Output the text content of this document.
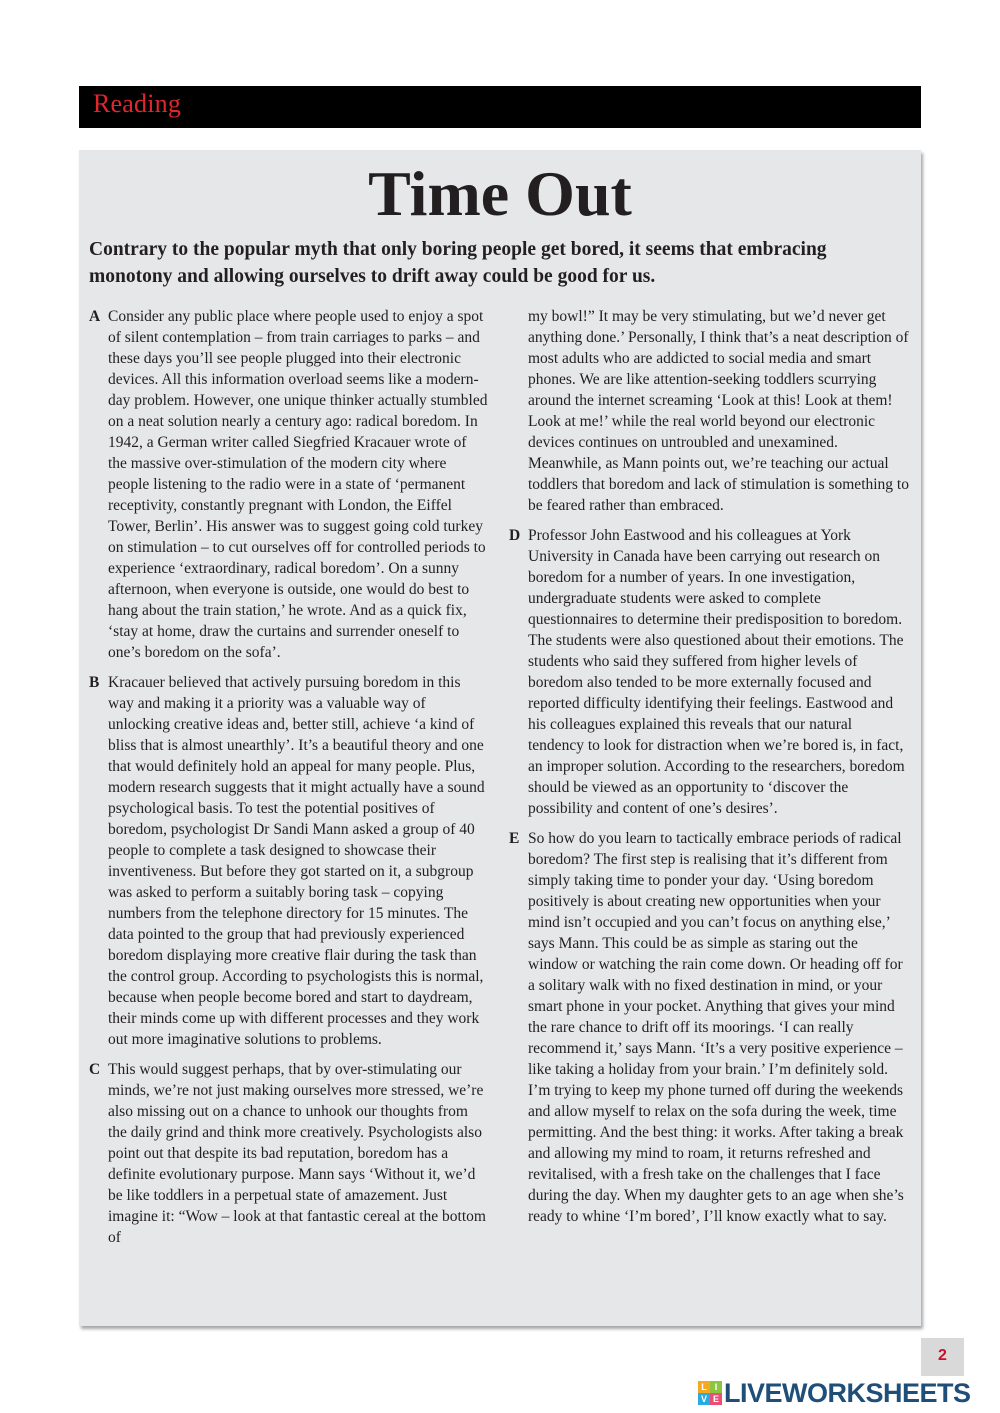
Reading
Time Out
Contrary to the popular myth that only boring people get bored, it seems that embracing monotony and allowing ourselves to drift away could be good for us.
A Consider any public place where people used to enjoy a spot of silent contemplation – from train carriages to parks – and these days you’ll see people plugged into their electronic devices. All this information overload seems like a modern-day problem. However, one unique thinker actually stumbled on a neat solution nearly a century ago: radical boredom. In 1942, a German writer called Siegfried Kracauer wrote of the massive over-stimulation of the modern city where people listening to the radio were in a state of ‘permanent receptivity, constantly pregnant with London, the Eiffel Tower, Berlin’. His answer was to suggest going cold turkey on stimulation – to cut ourselves off for controlled periods to experience ‘extraordinary, radical boredom’. On a sunny afternoon, when everyone is outside, one would do best to hang about the train station,’ he wrote. And as a quick fix, ‘stay at home, draw the curtains and surrender oneself to one’s boredom on the sofa’.

B Kracauer believed that actively pursuing boredom in this way and making it a priority was a valuable way of unlocking creative ideas and, better still, achieve ‘a kind of bliss that is almost unearthly’. It’s a beautiful theory and one that would definitely hold an appeal for many people. Plus, modern research suggests that it might actually have a sound psychological basis. To test the potential positives of boredom, psychologist Dr Sandi Mann asked a group of 40 people to complete a task designed to showcase their inventiveness. But before they got started on it, a subgroup was asked to perform a suitably boring task – copying numbers from the telephone directory for 15 minutes. The data pointed to the group that had previously experienced boredom displaying more creative flair during the task than the control group. According to psychologists this is normal, because when people become bored and start to daydream, their minds come up with different processes and they work out more imaginative solutions to problems.

C This would suggest perhaps, that by over-stimulating our minds, we’re not just making ourselves more stressed, we’re also missing out on a chance to unhook our thoughts from the daily grind and think more creatively. Psychologists also point out that despite its bad reputation, boredom has a definite evolutionary purpose. Mann says ‘Without it, we’d be like toddlers in a perpetual state of amazement. Just imagine it: “Wow – look at that fantastic cereal at the bottom of

my bowl!” It may be very stimulating, but we’d never get anything done.’ Personally, I think that’s a neat description of most adults who are addicted to social media and smart phones. We are like attention-seeking toddlers scurrying around the internet screaming ‘Look at this! Look at them! Look at me!’ while the real world beyond our electronic devices continues on untroubled and unexamined. Meanwhile, as Mann points out, we’re teaching our actual toddlers that boredom and lack of stimulation is something to be feared rather than embraced.

D Professor John Eastwood and his colleagues at York University in Canada have been carrying out research on boredom for a number of years. In one investigation, undergraduate students were asked to complete questionnaires to determine their predisposition to boredom. The students were also questioned about their emotions. The students who said they suffered from higher levels of boredom also tended to be more externally focused and reported difficulty identifying their feelings. Eastwood and his colleagues explained this reveals that our natural tendency to look for distraction when we’re bored is, in fact, an improper solution. According to the researchers, boredom should be viewed as an opportunity to ‘discover the possibility and content of one’s desires’.

E So how do you learn to tactically embrace periods of radical boredom? The first step is realising that it’s different from simply taking time to ponder your day. ‘Using boredom positively is about creating new opportunities when your mind isn’t occupied and you can’t focus on anything else,’ says Mann. This could be as simple as staring out the window or watching the rain come down. Or heading off for a solitary walk with no fixed destination in mind, or your smart phone in your pocket. Anything that gives your mind the rare chance to drift off its moorings. ‘I can really recommend it,’ says Mann. ‘It’s a very positive experience – like taking a holiday from your brain.’ I’m definitely sold. I’m trying to keep my phone turned off during the weekends and allow myself to relax on the sofa during the week, time permitting. And the best thing: it works. After taking a break and allowing my mind to roam, it returns refreshed and revitalised, with a fresh take on the challenges that I face during the day. When my daughter gets to an age when she’s ready to whine ‘I’m bored’, I’ll know exactly what to say.

2
L I
V E LIVEWORKSHEETS
